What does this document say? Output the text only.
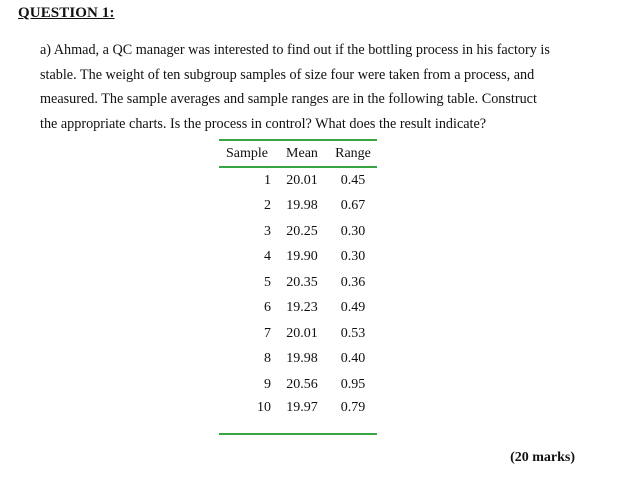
QUESTION 1:
a) Ahmad, a QC manager was interested to find out if the bottling process in his factory is
stable. The weight of ten subgroup samples of size four were taken from a process, and
measured. The sample averages and sample ranges are in the following table. Construct
the appropriate charts. Is the process in control? What does the result indicate?
Sample	Mean	Range
1	20.01	0.45
2	19.98	0.67
3	20.25	0.30
4	19.90	0.30
5	20.35	0.36
6	19.23	0.49
7	20.01	0.53
8	19.98	0.40
9	20.56	0.95
10	19.97	0.79
(20 marks)
